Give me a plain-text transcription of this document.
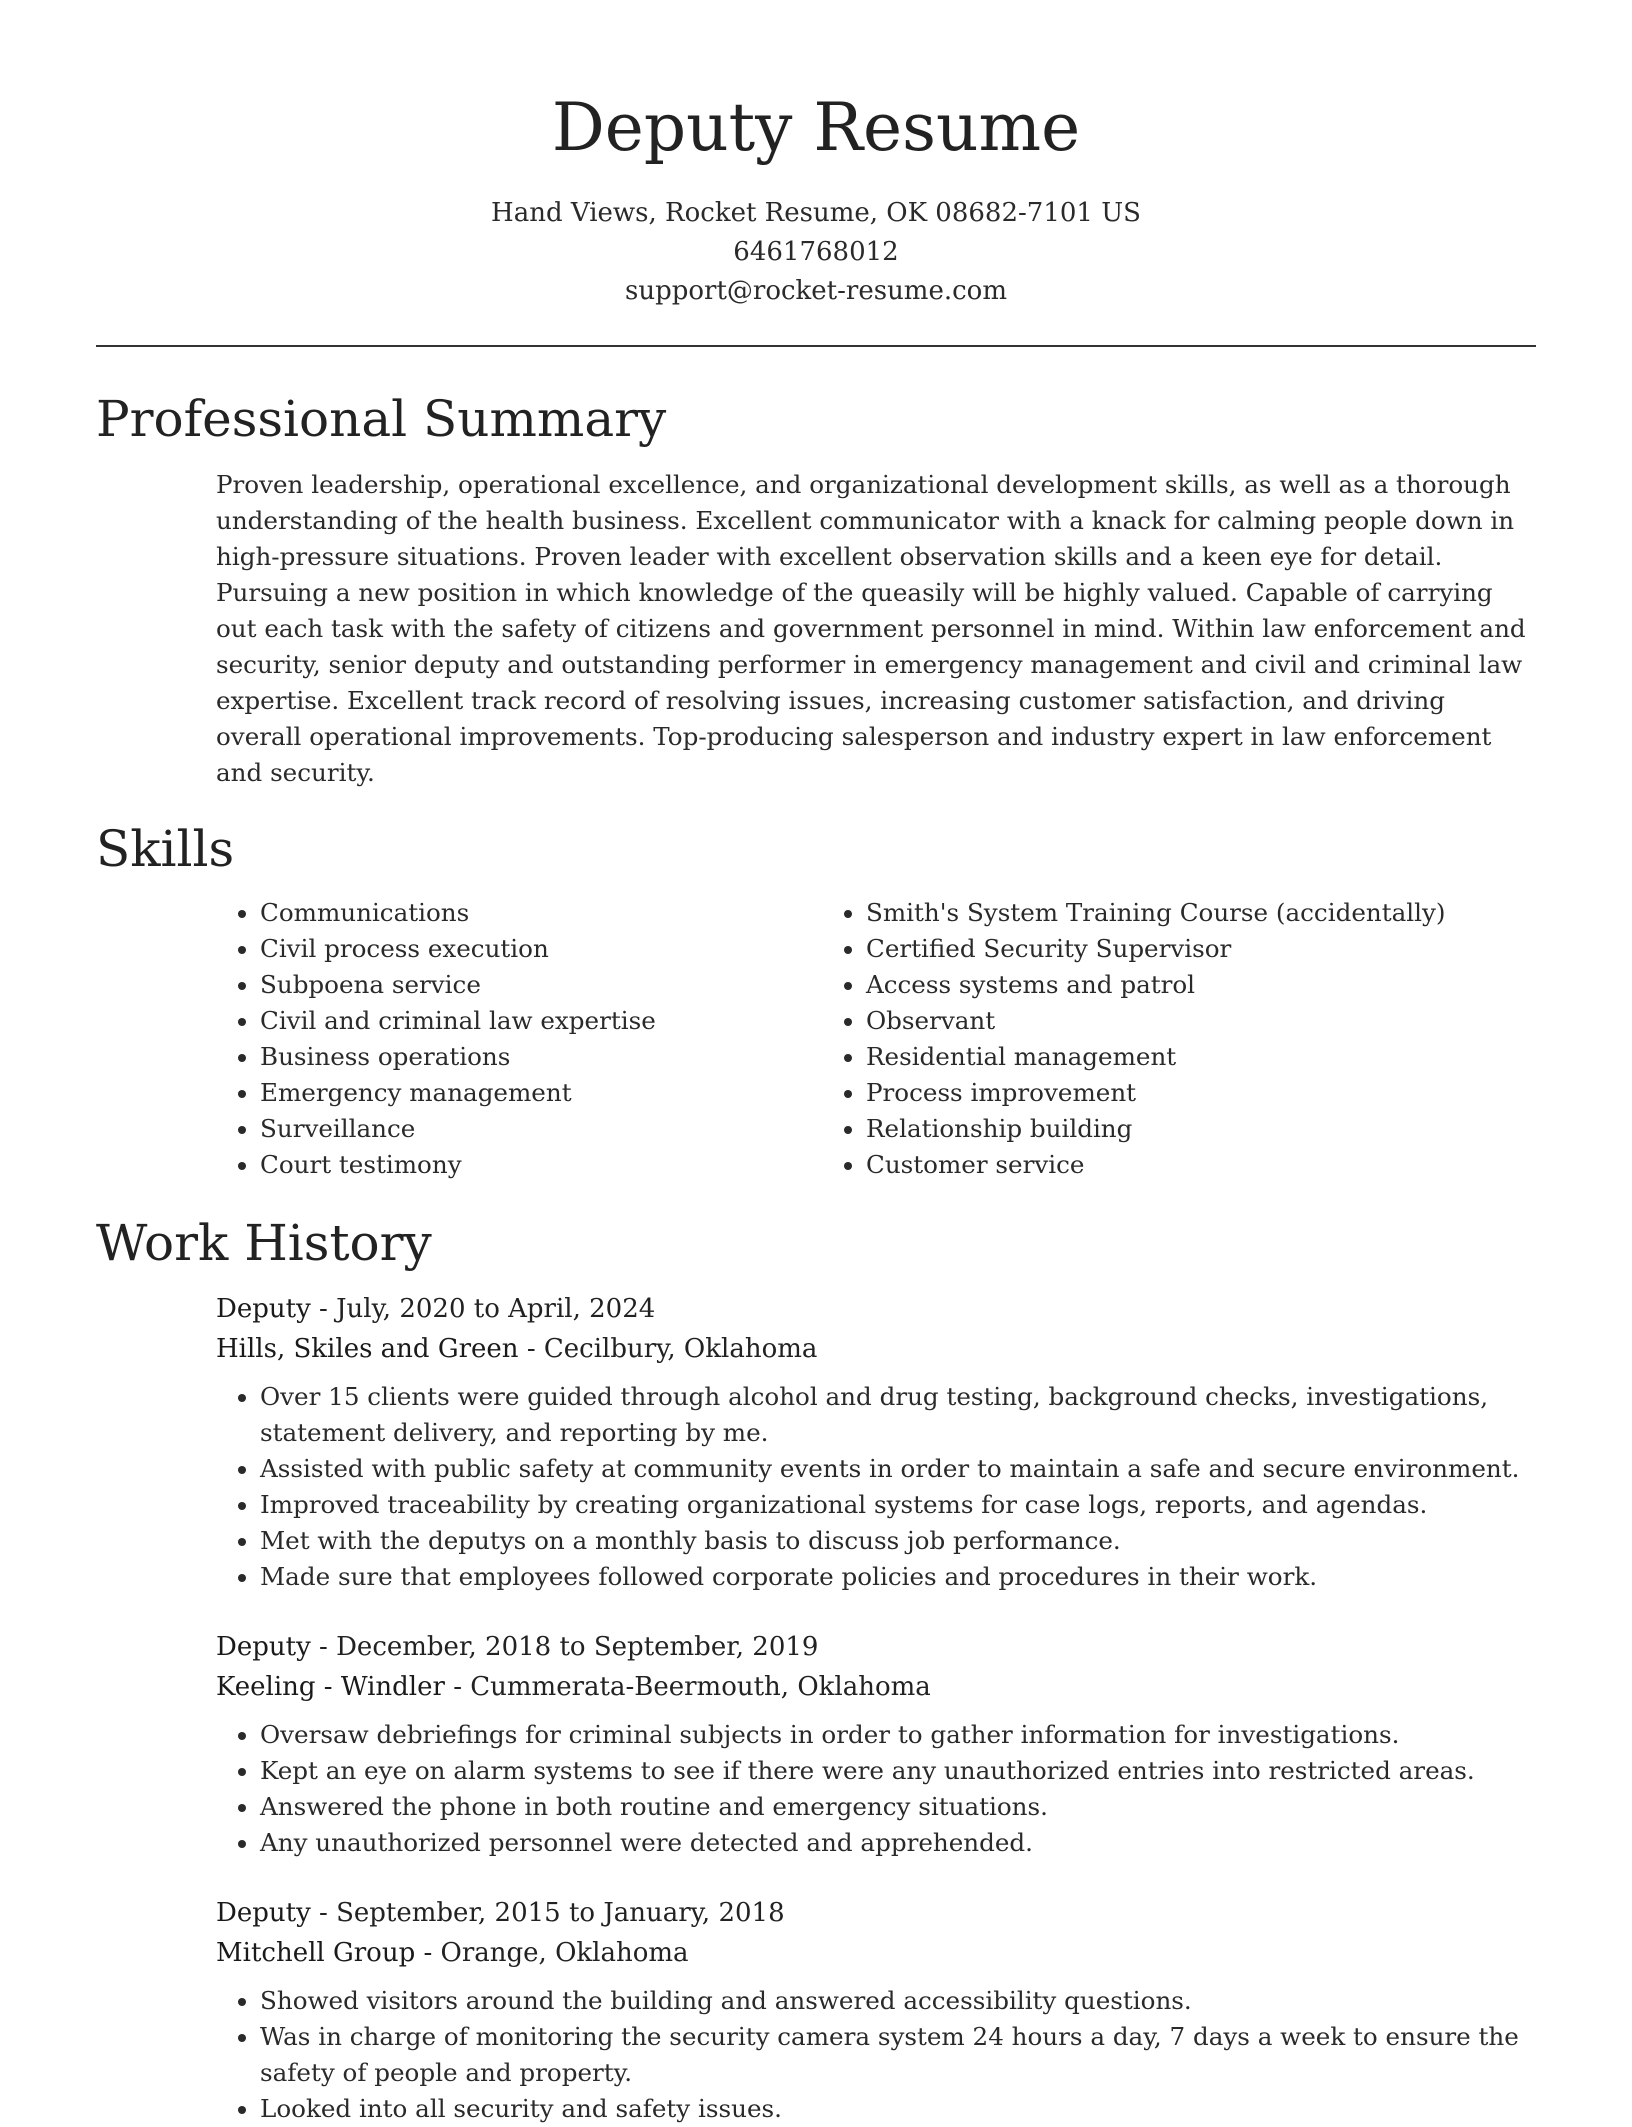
Deputy Resume
Hand Views, Rocket Resume, OK 08682-7101 US
6461768012
support@rocket-resume.com
Professional Summary

Proven leadership, operational excellence, and organizational development skills, as well as a thorough understanding of the health business. Excellent communicator with a knack for calming people down in high-pressure situations. Proven leader with excellent observation skills and a keen eye for detail. Pursuing a new position in which knowledge of the queasily will be highly valued. Capable of carrying out each task with the safety of citizens and government personnel in mind. Within law enforcement and security, senior deputy and outstanding performer in emergency management and civil and criminal law expertise. Excellent track record of resolving issues, increasing customer satisfaction, and driving overall operational improvements. Top-producing salesperson and industry expert in law enforcement and security.

Skills
• Communications
• Civil process execution
• Subpoena service
• Civil and criminal law expertise
• Business operations
• Emergency management
• Surveillance
• Court testimony
• Smith's System Training Course (accidentally)
• Certified Security Supervisor
• Access systems and patrol
• Observant
• Residential management
• Process improvement
• Relationship building
• Customer service
Work History
Deputy - July, 2020 to April, 2024
Hills, Skiles and Green - Cecilbury, Oklahoma
• Over 15 clients were guided through alcohol and drug testing, background checks, investigations, statement delivery, and reporting by me.
• Assisted with public safety at community events in order to maintain a safe and secure environment.
• Improved traceability by creating organizational systems for case logs, reports, and agendas.
• Met with the deputys on a monthly basis to discuss job performance.
• Made sure that employees followed corporate policies and procedures in their work.
Deputy - December, 2018 to September, 2019
Keeling - Windler - Cummerata-Beermouth, Oklahoma
• Oversaw debriefings for criminal subjects in order to gather information for investigations.
• Kept an eye on alarm systems to see if there were any unauthorized entries into restricted areas.
• Answered the phone in both routine and emergency situations.
• Any unauthorized personnel were detected and apprehended.
Deputy - September, 2015 to January, 2018
Mitchell Group - Orange, Oklahoma
• Showed visitors around the building and answered accessibility questions.
• Was in charge of monitoring the security camera system 24 hours a day, 7 days a week to ensure the safety of people and property.
• Looked into all security and safety issues.
